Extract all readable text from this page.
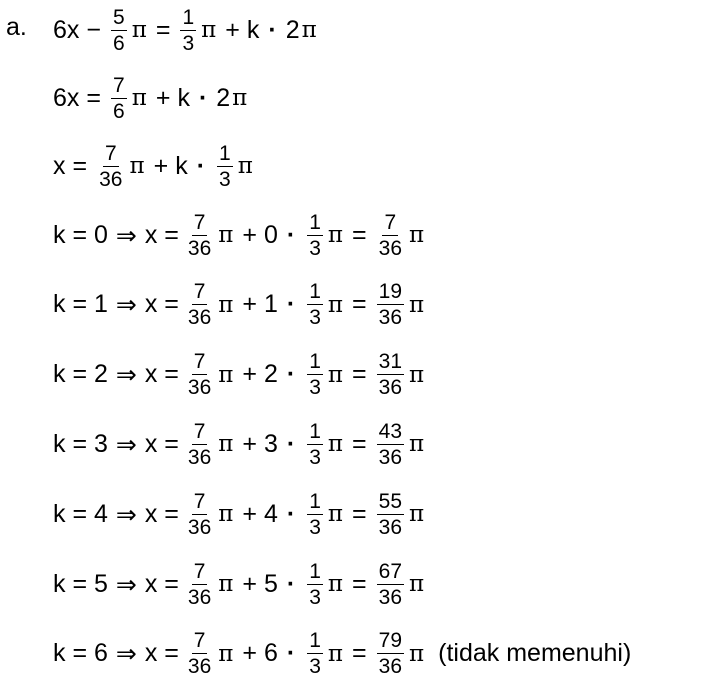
a. $6x - \frac{5}{6}$ $\pi = \frac{1}{3}$ π + k · 2 π
$6x = \frac{7}{6}$ π + k · 2 π
$x = \frac{7}{36}$ $\pi + k \cdot \frac{1}{3}$ π
k = 0 ⇒ $x = \frac{7}{36}$ $\pi + 0 \cdot \frac{1}{3}$ $\pi = \frac{7}{36}$ π
k = 1 ⇒ $x = \frac{7}{36}$ $\pi + 1 \cdot \frac{1}{3}$ $\pi = \frac{19}{36}$ π
k = 2 ⇒ $x = \frac{7}{36}$ $\pi + 2 \cdot \frac{1}{3}$ $\pi = \frac{31}{36}$ π
k = 3 ⇒ $x = \frac{7}{36}$ $\pi + 3 \cdot \frac{1}{3}$ $\pi = \frac{43}{36}$ π
k = 4 ⇒ $x = \frac{7}{36}$ $\pi + 4 \cdot \frac{1}{3}$ $\pi = \frac{55}{36}$ π
k = 5 ⇒ $x = \frac{7}{36}$ $\pi + 5 \cdot \frac{1}{3}$ $\pi = \frac{67}{36}$ π
k = 6 ⇒ $x = \frac{7}{36}$ $\pi + 6 \cdot \frac{1}{3}$ $\pi = \frac{79}{36}$ π (tidak memenuhi)
